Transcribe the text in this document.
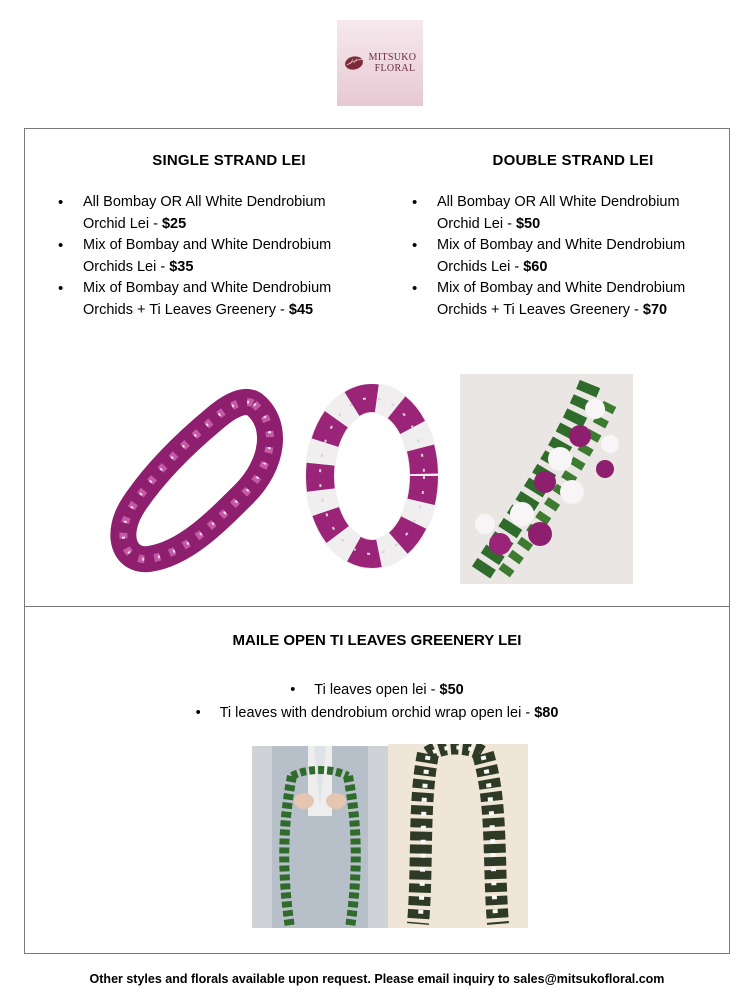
MITSUKO
FLORAL
SINGLE STRAND LEI
• All Bombay OR All White Dendrobium Orchid Lei - $25
• Mix of Bombay and White Dendrobium Orchids Lei - $35
• Mix of Bombay and White Dendrobium Orchids + Ti Leaves Greenery - $45
DOUBLE STRAND LEI
• All Bombay OR All White Dendrobium Orchid Lei - $50
• Mix of Bombay and White Dendrobium Orchids Lei - $60
• Mix of Bombay and White Dendrobium Orchids + Ti Leaves Greenery - $70
MAILE OPEN TI LEAVES GREENERY LEI
• Ti leaves open lei - $50
• Ti leaves with dendrobium orchid wrap open lei - $80
Other styles and florals available upon request. Please email inquiry to sales@mitsukofloral.com
